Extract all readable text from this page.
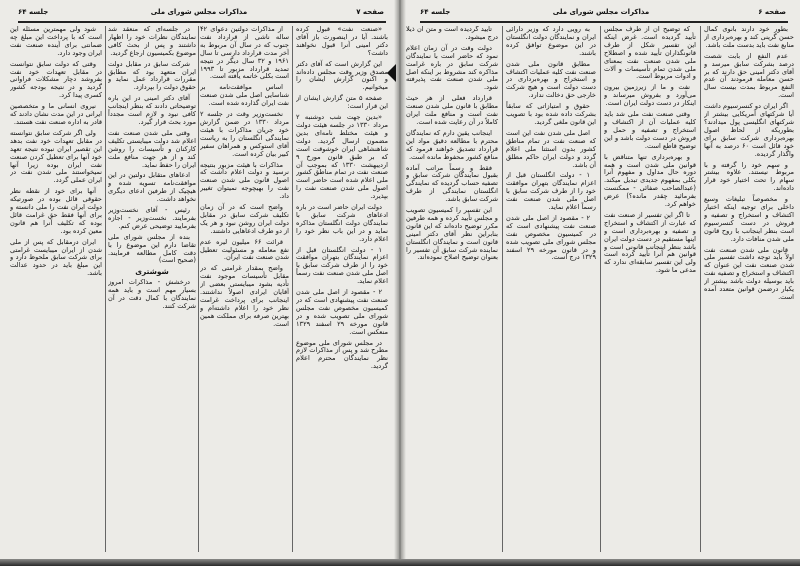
صفحه ۷
مذاکرات مجلس شورای ملی
جلسه ۶۴

«صنعت نفت» قبول کرده باشند. آیا در اینصورت باز آقای دکتر امینی آنرا قبول نخواهند داشت؟

این گزارش است که آقای دکتر مصدق وزیر وقت مجلس داده‌اند و اکنون گزارش ایشان را میخوانیم.

صفحه ۵ متن گزارش ایشان از این قرار است:

«بدین جهت شب دوشنبه ۲ مرداد ۱۳۳۰ در جلسه هیئت دولت و هیئت مختلط نامه‌ای بدین مضمون ارسال گردید. دولت شاهنشاهی ایران خوشوقت است که بر طبق قانون مورخ ۹ اردیبهشت ۱۳۳۰ که بموجب آن صنعت نفت در تمام مناطق کشور ملی اعلام شده است حاضر است اصول ملی شدن صنعت نفت را بپذیرد.

دولت ایران حاضر است در باره ادعاهای شرکت سابق با نمایندگان دولت انگلستان مذاکره نماید و در این باب نظر خود را اعلام دارد.

۱ - دولت انگلستان قبل از اعزام نمایندگان بتهران موافقت خود را از طرف شرکت سابق با اصل ملی شدن صنعت نفت رسماً اعلام نماید.

۲ - مقصود از اصل ملی شدن صنعت نفت پیشنهادی است که در کمیسیون مخصوص نفت مجلس شورای ملی تصویب شده و در قانون مورخه ۲۹ اسفند ۱۳۲۹ منعکس است.

در مجلس شورای ملی موضوع مطرح شد و پس از مذاکرات لازم نظر نمایندگان محترم اعلام گردید.

از مذاکرات دولتین دعوای ۴۲ ساله ناشی از قرارداد نفت جنوب که در سال آن مربوط به آخر مدت قرارداد دارسی تا سال ۱۹۶۱ و ۳۲ سال دیگر در نتیجه تمدید قرارداد مزبور تا ۱۹۹۳ است بکلی خاتمه یافته است.

اساس موافقت‌نامه بر شناسایی اصل ملی شدن صنعت نفت ایران گذارده شده است.

نخست‌وزیر وقت در جلسه ۲ مرداد ۱۳۳۰ در ضمن گزارش خود جریان مذاکرات با هیئت نمایندگی انگلستان را به ریاست آقای استوکس و همراهان سفیر کبیر بیان کرده است.

مذاکرات با هیئت مزبور بنتیجه نرسید و دولت اعلام داشت که اصول قانون ملی شدن صنعت نفت را بهیچوجه نمیتوان تغییر داد.

واضح است که در آن زمان تکلیف شرکت سابق در مقابل دولت ایران روشن نبود و هر یک از دو طرف ادعاهایی داشتند.

قرائت ۶۶ میلیون لیره عدم نفع معامله و مسئولیت تعطیل شدن صنعت نفت ایران.

واضح بمقدار غرامتی که در مقابل تأسیسات موجود نفت تأدیه بشود میبایستی بعضی از آقایان ایرادی اصولاً نداشتند. اینجانب برای پرداخت غرامت نظر خود را اعلام داشته‌ام و بهترین صرفه برای مملکت همین است.

در جلسه‌ای که منعقد شد نمایندگان نظرات خود را اظهار داشتند و پس از بحث کافی موضوع بکمیسیون ارجاع گردید.

شرکت سابق در مقابل دولت ایران متعهد بود که مطابق مقررات قرارداد عمل نماید و حقوق دولت را بپردازد.

آقای دکتر امینی در این باره توضیحاتی دادند که بنظر اینجانب کافی نبود و لازم است مجدداً مورد بحث قرار گیرد.

وقتی ملی شدن صنعت نفت اعلام شد دولت میبایستی تکلیف کارکنان و تأسیسات را روشن کند و از هر جهت منافع ملت ایران را حفظ نماید.

ادعاهای متقابل دولتین در این موافقت‌نامه تسویه شده و هیچیک از طرفین ادعای دیگری نخواهد داشت.

رئیس - آقای نخست‌وزیر بفرمایند. نخست‌وزیر - اجازه بفرمایید توضیحی عرض کنم.

بنده از مجلس شورای ملی تقاضا دارم این موضوع را با دقت کامل مطالعه فرمایند. (صحیح است)

شوشتری

درخشش - مذاکرات امروز بسیار مهم است و باید همه نمایندگان با کمال دقت در آن شرکت کنند.

شود ولی مهمترین مسئله این است که با پرداخت این مبلغ چه ضمانتی برای آینده صنعت نفت ایران وجود دارد.

وقتی که دولت سابق نتوانست در مقابل تعهدات خود نفت بفروشد دچار مشکلات فراوانی گردید و در نتیجه بودجه کشور کسری پیدا کرد.

نیروی انسانی ما و متخصصین ایرانی در این مدت نشان دادند که قادر به اداره صنعت نفت هستند.

ولی اگر شرکت سابق نتوانسته در مقابل تعهدات خود نفت بدهد این تقصیر ایران نبوده نتیجه تعهد خود آنها برای تعطیل کردن صنعت نفت ایران بوده زیرا آنها نمیخواستند ملی شدن نفت در ایران عملی گردد.

آنها برای خود از نقطه نظر حقوقی قائل بوده در صورتیکه دولت ایران نفت را ملی دانسته و برای آنها فقط حق غرامت قائل بوده که تکلیف آنرا هم قانون معین کرده بود.

ایران درمقابل که پس از ملی شدن از ایران میبایست غرامتی برای شرکت سابق ملحوظ دارد و این مبلغ باید در حدود عدالت باشد.

صفحه ۶
مذاکرات مجلس شورای ملی
جلسه ۶۴

تأیید گردیده است و متن آن ذیلاً درج میشود.

دولت وقت در آن زمان اعلام نمود که حاضر است با نمایندگان شرکت سابق در باره غرامت مذاکره کند مشروط بر اینکه اصل ملی شدن صنعت نفت پذیرفته شود.

قرارداد فعلی از هر حیث مطابق با قانون ملی شدن صنعت نفت است و منافع ملت ایران کاملاً در آن رعایت شده است.

اینجانب یقین دارم که نمایندگان محترم با مطالعه دقیق مواد این قرارداد تصدیق خواهند فرمود که منافع کشور محفوظ مانده است.

فقط و رسماً مراتب آماده بقبول نمایندگان شرکت سابق و تصفیه حساب گردیده که نمایندگی انگلستان نمایندگی از طرف شرکت سابق باشد.

این تفسیر را کمیسیون تصویب و مجلس تأیید کرده و همه طرفین مکرر توضیح داده‌اند که این قانون بنابراین نظر آقای دکتر امینی قانون است و نمایندگان انگلستان نماینده شرکت سابق آن تفسیر را بعنوان توضیح اصلاح نموده‌اند.

به‌ رویی دارد که وزیر دارائی ایران و نمایندگان دولت انگلستان در این موضوع توافق کرده باشند.

مطابق قانون ملی شدن صنعت نفت کلیه عملیات اکتشاف و استخراج و بهره‌برداری در دست دولت است و هیچ شرکت خارجی حق دخالت ندارد.

حقوق و امتیازاتی که سابقاً بشرکت داده شده بود با تصویب این قانون ملغی گردید.

اصل ملی شدن نفت این است که صنعت نفت در تمام مناطق کشور بدون استثنا ملی اعلام گردد و دولت ایران حاکم مطلق آن باشد.

۱ - دولت انگلستان قبل از اعزام نمایندگان بتهران موافقت خود را از طرف شرکت سابق با اصل ملی شدن صنعت نفت رسماً اعلام نماید.

۲ - مقصود از اصل ملی شدن صنعت نفت پیشنهادی است که در کمیسیون مخصوص نفت مجلس شورای ملی تصویب شده و در قانون مورخه ۲۹ اسفند ۱۳۲۹ درج است.

که توضیح آن از طرف مجلس تأیید گردیده است. غرض اینکه این تفسیر شکل از طرف قانونگذاران تأیید شده و اصطلاح ملی شدن صنعت نفت بمعنای ملی شدن تمام تأسیسات و آلات و ادوات مربوط است.

نفت و ما از زیرزمین بیرون می‌آورد و بفروش میرساند و اینکار در دست دولت ایران است.

وقتی صنعت نفت ملی شد باید کلیه عملیات آن از اکتشاف و استخراج و تصفیه و حمل و فروش در دست دولت باشد و این توضیح قاطع است.

و بهره‌برداری تنها متناقض با قوانین ملی شدن است و همه دوره حال مداول و مفهوم آنرا بکلی بمفهوم جدیدی تبدیل میکند. (عبدالصاحب صفائی - ممکنست بفرمائید چقدر مانده؟) عرض خواهم کرد.

تا اگر این تفسیر از صنعت نفت که عبارت از اکتشاف و استخراج و تصفیه و بهره‌برداری است و اینها مستقیم در دست دولت ایران باشد بنظر اینجانب قانونی است و قوانین هم آنرا تأیید کرده است ولی این تفسیر سابقه‌ای ندارد که مدعی ما شود.

بطور خود دارند بانوی کمال حسن گرینی کند و بهره‌برداری از منابع نفت باید بدست ملت باشد.

عدم النفع از بابت شصت درصد بشرکت سابق میرسد و آقای دکتر امینی حق دارند که بر حسن معامله فرمودند آن عدم النفع مربوط بمدت بیست سال است.

اگر ایران دو کنسرسیوم داشت آیا شرکتهای آمریکایی بیشتر از شرکتهای انگلیسی پول میدادند؟ بطوریکه از لحاظ اصول بهره‌برداری شرکت سابق برای خود قائل است ۶۰ درصد به آنها واگذار گردیده.

و سهم خود را گرفته و با مربوط نیستند. علاوه بیشتر سهام را تحت اختیار خود قرار داده‌اند.

و مخصوصاً تبلیغات وسیع داخلی برای توجیه اینکه اختیار اکتشاف و استخراج و تصفیه و فروش در دست کنسرسیوم است بنظر اینجانب با روح قانون ملی شدن منافات دارد.

قانون ملی شدن صنعت نفت اولاً باید توجه داشت تفسیر ملی شدن صنعت نفت این عنوان که اکتشاف و استخراج و تصفیه نفت باید بوسیله دولت باشد بیشتر از یکبار درضمن قوانین متعدد آمده است.
